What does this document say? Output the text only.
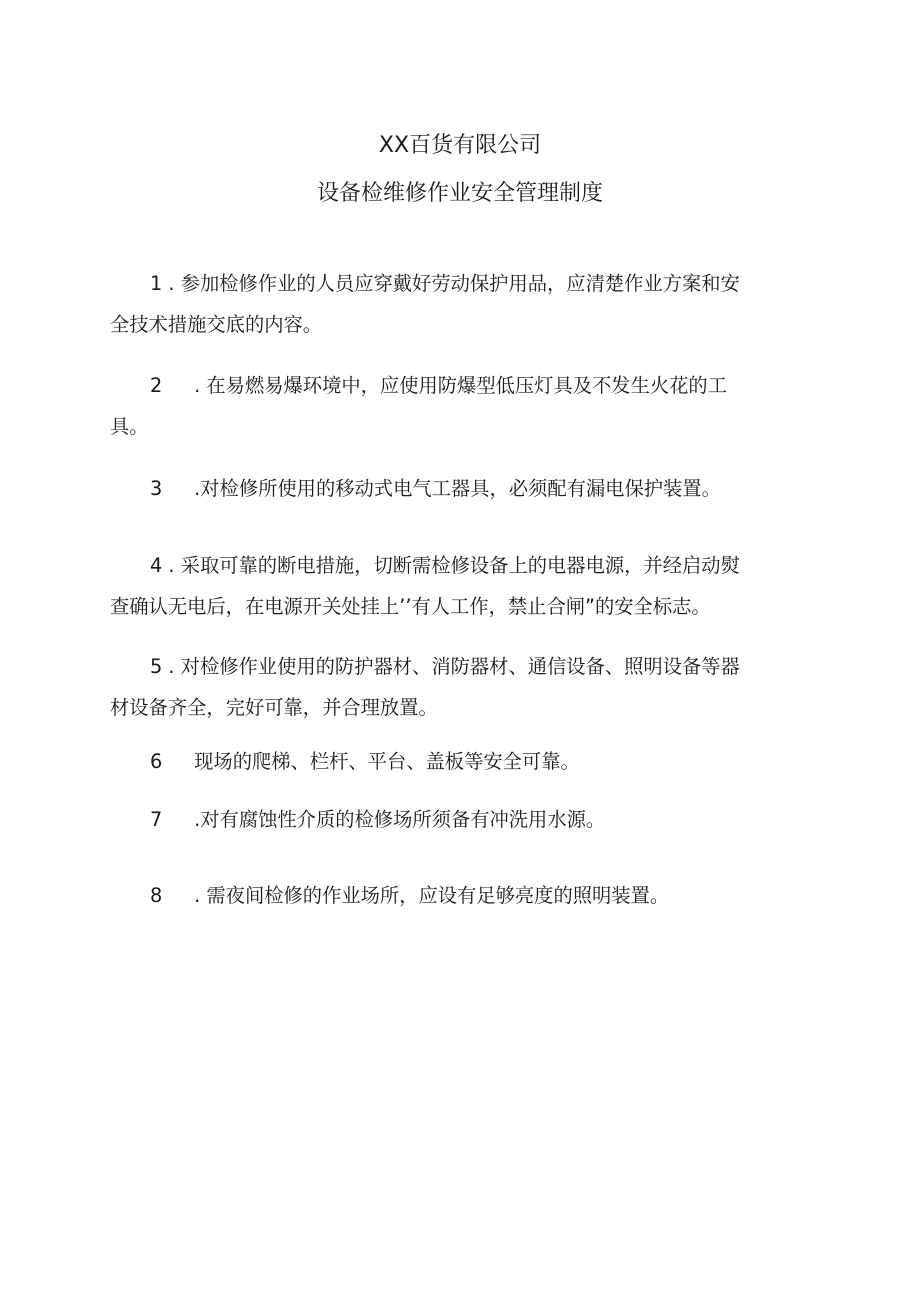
XX百货有限公司
设备检维修作业安全管理制度
1 . 参加检修作业的人员应穿戴好劳动保护用品，应清楚作业方案和安
全技术措施交底的内容。
2 . 在易燃易爆环境中，应使用防爆型低压灯具及不发生火花的工
具。
3 .对检修所使用的移动式电气工器具，必须配有漏电保护装置。
4 . 采取可靠的断电措施，切断需检修设备上的电器电源，并经启动熨
查确认无电后，在电源开关处挂上’’有人工作，禁止合闸”的安全标志。
5 . 对检修作业使用的防护器材、消防器材、通信设备、照明设备等器
材设备齐全，完好可靠，并合理放置。
6 现场的爬梯、栏杆、平台、盖板等安全可靠。
7 .对有腐蚀性介质的检修场所须备有冲洗用水源。
8 . 需夜间检修的作业场所，应设有足够亮度的照明装置。
